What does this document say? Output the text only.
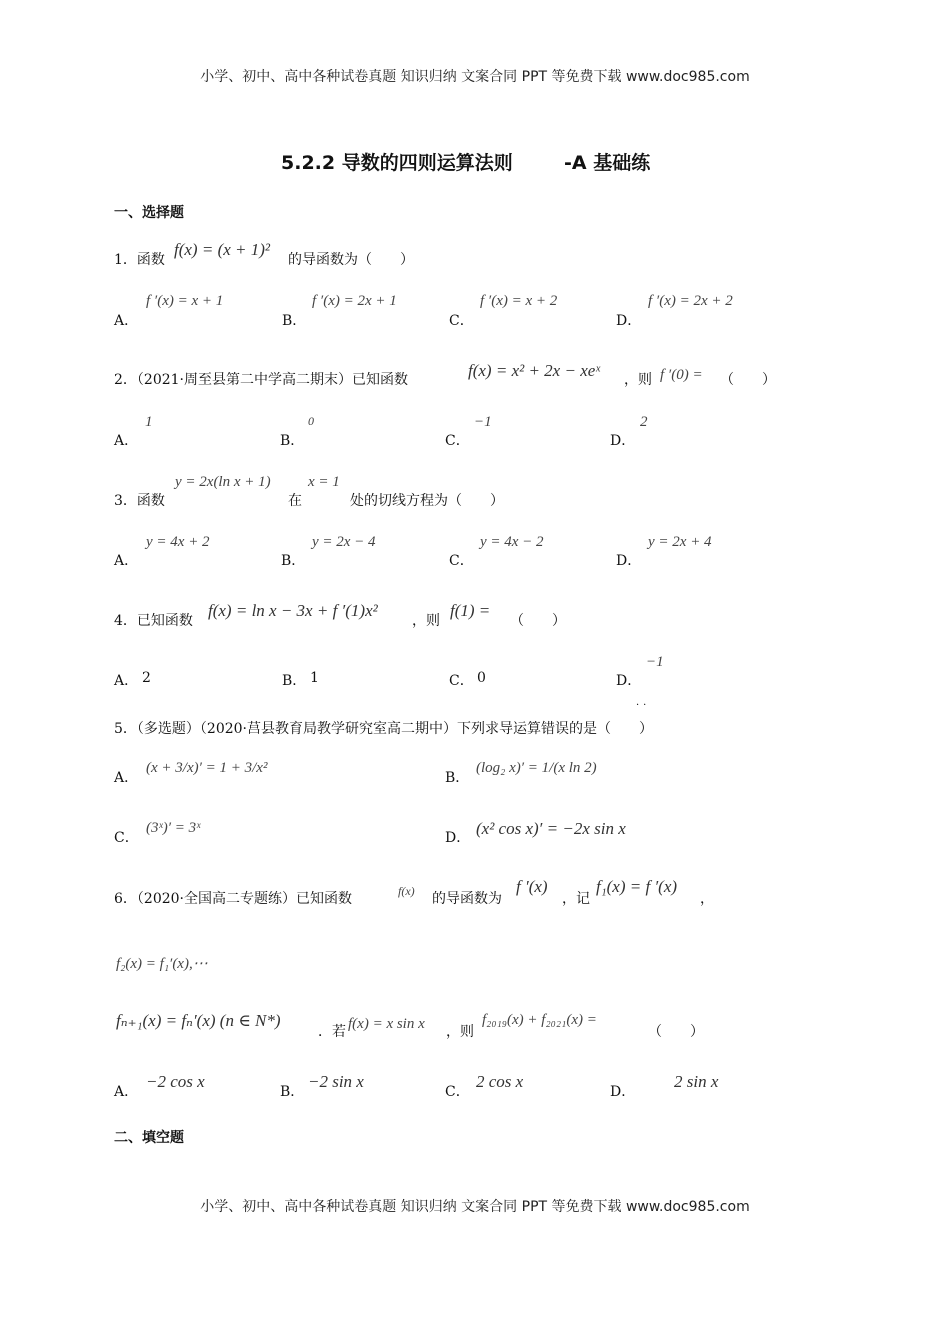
小学、初中、高中各种试卷真题 知识归纳 文案合同 PPT 等免费下载 www.doc985.com
5.2.2 导数的四则运算法则	-A 基础练
一、选择题
1．函数
f(x) = (x + 1)²
的导函数为（　　）
A．
f ′(x) = x + 1
B．
f ′(x) = 2x + 1
C．
f ′(x) = x + 2
D．
f ′(x) = 2x + 2
2．（2021·周至县第二中学高二期末）已知函数	f(x) = x² + 2x − xeˣ ，则 f ′(0) = （　　）
A．
1
B．
0
C．
−1
D．
2
3．函数
y = 2x(ln x + 1)
在
x = 1
处的切线方程为（　　）
A．
y = 4x + 2
B．
y = 2x − 4
C．
y = 4x − 2
D．
y = 2x + 4
4．已知函数
f(x) = ln x − 3x + f ′(1)x²
，则
f(1) =
（　　）
A． 2	B． 1	C． 0	D．
−1
··
5．（多选题）（2020·莒县教育局教学研究室高二期中）下列求导运算错误的是（　　）
A．
(x + 3/x)′ = 1 + 3/x²
B．
(log₂ x)′ = 1/(x ln 2)
C．
(3ˣ)′ = 3ˣ
D． (x² cos x)′ = −2x sin x
6．（2020·全国高二专题练）已知函数	f(x) 的导函数为
f ′(x)
，记
f₁(x) = f ′(x)
，
f₂(x) = f₁′(x),⋯
fₙ₊₁(x) = fₙ′(x) (n ∈ N*)
．若 f(x) = x sin x ，则
f₂₀₁₉(x) + f₂₀₂₁(x) =
（　　）
A．
−2 cos x
B．
−2 sin x
C．
2 cos x
D．
2 sin x
二、填空题
小学、初中、高中各种试卷真题 知识归纳 文案合同 PPT 等免费下载 www.doc985.com
